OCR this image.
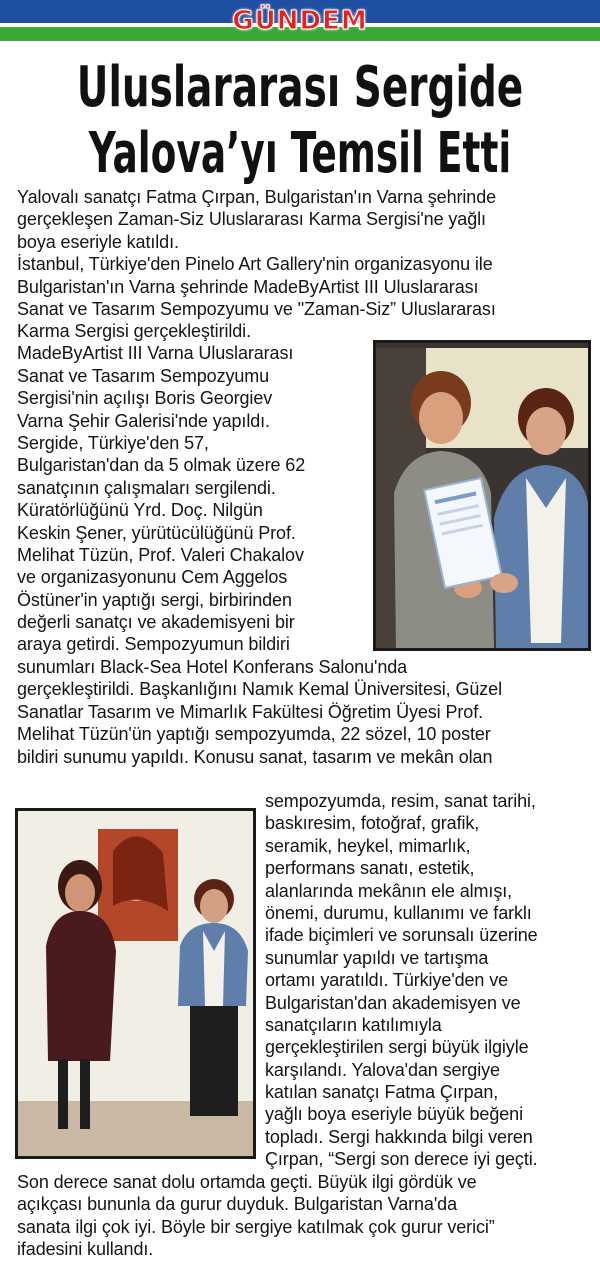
GÜNDEM
Uluslararası Sergide
Yalova’yı Temsil Etti
Yalovalı sanatçı Fatma Çırpan, Bulgaristan'ın Varna şehrinde
gerçekleşen Zaman-Siz Uluslararası Karma Sergisi'ne yağlı
boya eseriyle katıldı.
İstanbul, Türkiye'den Pinelo Art Gallery'nin organizasyonu ile
Bulgaristan'ın Varna şehrinde MadeByArtist III Uluslararası
Sanat ve Tasarım Sempozyumu ve "Zaman-Siz” Uluslararası
Karma Sergisi gerçekleştirildi.
MadeByArtist III Varna Uluslararası
Sanat ve Tasarım Sempozyumu
Sergisi'nin açılışı Boris Georgiev
Varna Şehir Galerisi'nde yapıldı.
Sergide, Türkiye'den 57,
Bulgaristan'dan da 5 olmak üzere 62
sanatçının çalışmaları sergilendi.
Küratörlüğünü Yrd. Doç. Nilgün
Keskin Şener, yürütücülüğünü Prof.
Melihat Tüzün, Prof. Valeri Chakalov
ve organizasyonunu Cem Aggelos
Östüner'in yaptığı sergi, birbirinden
değerli sanatçı ve akademisyeni bir
araya getirdi. Sempozyumun bildiri
sunumları Black-Sea Hotel Konferans Salonu'nda
gerçekleştirildi. Başkanlığını Namık Kemal Üniversitesi, Güzel
Sanatlar Tasarım ve Mimarlık Fakültesi Öğretim Üyesi Prof.
Melihat Tüzün'ün yaptığı sempozyumda, 22 sözel, 10 poster
bildiri sunumu yapıldı. Konusu sanat, tasarım ve mekân olan
sempozyumda, resim, sanat tarihi,
baskıresim, fotoğraf, grafik,
seramik, heykel, mimarlık,
performans sanatı, estetik,
alanlarında mekânın ele almışı,
önemi, durumu, kullanımı ve farklı
ifade biçimleri ve sorunsalı üzerine
sunumlar yapıldı ve tartışma
ortamı yaratıldı. Türkiye'den ve
Bulgaristan'dan akademisyen ve
sanatçıların katılımıyla
gerçekleştirilen sergi büyük ilgiyle
karşılandı. Yalova'dan sergiye
katılan sanatçı Fatma Çırpan,
yağlı boya eseriyle büyük beğeni
topladı. Sergi hakkında bilgi veren
Çırpan, “Sergi son derece iyi geçti.
Son derece sanat dolu ortamda geçti. Büyük ilgi gördük ve
açıkçası bununla da gurur duyduk. Bulgaristan Varna'da
sanata ilgi çok iyi. Böyle bir sergiye katılmak çok gurur verici”
ifadesini kullandı.
